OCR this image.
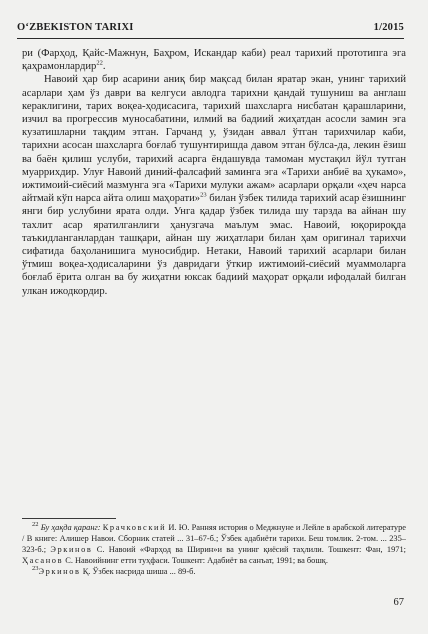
O‘ZBEKISTON TARIXI	1/2015

ри (Фарҳод, Қайс-Мажнун, Баҳром, Искандар каби) реал тарихий прототипга эга қаҳрамонлардир$^{22}$.

Навоий ҳар бир асарини аниқ бир мақсад билан яратар экан, унинг тарихий асарлари ҳам ўз даври ва келгуси авлодга тарихни қандай тушуниш ва англаш кераклигини, тарих воқеа-ҳодисасига, тарихий шахсларга нисбатан қарашларини, изчил ва прогрессив муносабатини, илмий ва бадиий жиҳатдан асосли замин эга кузатишларни тақдим этган. Гарчанд у, ўзидан аввал ўтган тарихчилар каби, тарихни асосан шахсларга боғлаб тушунтиришда давом этган бўлса-да, лекин ёзиш ва баён қилиш услуби, тарихий асарга ёндашувда тамоман мустақил йўл тутган муаррихдир. Улуғ Навоий диний-фалсафий заминга эга «Тарихи анбиё ва ҳукамо», ижтимоий-сиёсий мазмунга эга «Тарихи мулуки ажам» асарлари орқали «ҳеч нарса айтмай кўп нарса айта олиш маҳорати»$^{23}$ билан ўзбек тилида тарихий асар ёзишнинг янги бир услубини ярата олди. Унга қадар ўзбек тилида шу тарзда ва айнан шу тахлит асар яратилганлиги ҳанузгача маълум эмас. Навоий, юқорироқда таъкидланганлардан ташқари, айнан шу жиҳатлари билан ҳам оригинал тарихчи сифатида баҳоланишига муносибдир. Нетаки, Навоий тарихий асарлари билан ўтмиш воқеа-ҳодисаларини ўз давридаги ўткир ижтимоий-сиёсий муаммоларга боғлаб ёрита олган ва бу жиҳатни юксак бадиий маҳорат орқали ифодалай билган улкан ижодкордир.

$^{22}$ Бу ҳақда қаранг: Крачковский И. Ю. Ранняя история о Меджнуне и Лейле в арабской литературе / В книге: Алишер Навои. Сборник статей ... 31–67-б.; Ўзбек адабиёти тарихи. Беш томлик. 2-том. ... 235–323-б.; Эркинов С. Навоий «Фарҳод ва Ширин»и ва унинг қиёсий таҳлили. Тошкент: Фан, 1971; Ҳасанов С. Навоийнинг етти туҳфаси. Тошкент: Адабиёт ва санъат, 1991; ва бошқ.

$^{23}$Эркинов Қ. Ўзбек насрида шиша ... 89-б.

67
